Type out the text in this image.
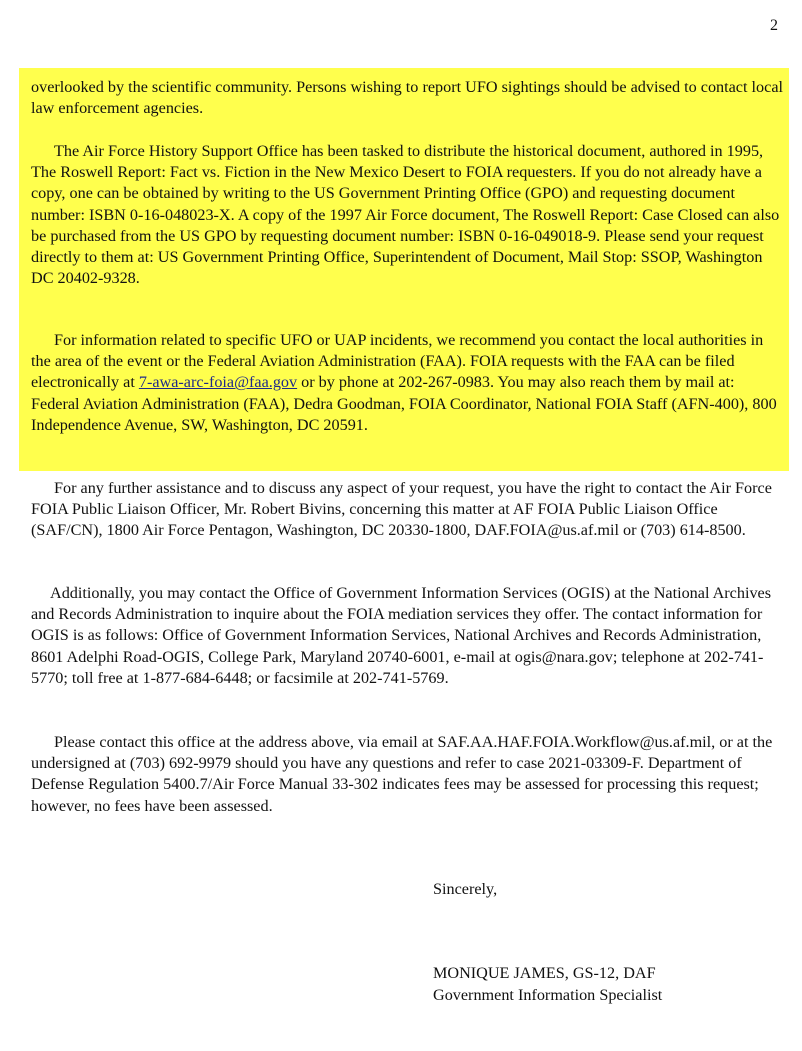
2

overlooked by the scientific community. Persons wishing to report UFO sightings should be advised to contact local law enforcement agencies.

The Air Force History Support Office has been tasked to distribute the historical document, authored in 1995, The Roswell Report: Fact vs. Fiction in the New Mexico Desert to FOIA requesters. If you do not already have a copy, one can be obtained by writing to the US Government Printing Office (GPO) and requesting document number: ISBN 0-16-048023-X. A copy of the 1997 Air Force document, The Roswell Report: Case Closed can also be purchased from the US GPO by requesting document number: ISBN 0-16-049018-9. Please send your request directly to them at: US Government Printing Office, Superintendent of Document, Mail Stop: SSOP, Washington DC 20402-9328.

For information related to specific UFO or UAP incidents, we recommend you contact the local authorities in the area of the event or the Federal Aviation Administration (FAA). FOIA requests with the FAA can be filed electronically at 7-awa-arc-foia@faa.gov or by phone at 202-267-0983. You may also reach them by mail at: Federal Aviation Administration (FAA), Dedra Goodman, FOIA Coordinator, National FOIA Staff (AFN-400), 800 Independence Avenue, SW, Washington, DC 20591.

For any further assistance and to discuss any aspect of your request, you have the right to contact the Air Force FOIA Public Liaison Officer, Mr. Robert Bivins, concerning this matter at AF FOIA Public Liaison Office (SAF/CN), 1800 Air Force Pentagon, Washington, DC 20330-1800, DAF.FOIA@us.af.mil or (703) 614-8500.

Additionally, you may contact the Office of Government Information Services (OGIS) at the National Archives and Records Administration to inquire about the FOIA mediation services they offer. The contact information for OGIS is as follows: Office of Government Information Services, National Archives and Records Administration, 8601 Adelphi Road-OGIS, College Park, Maryland 20740-6001, e-mail at ogis@nara.gov; telephone at 202-741-5770; toll free at 1-877-684-6448; or facsimile at 202-741-5769.

Please contact this office at the address above, via email at SAF.AA.HAF.FOIA.Workflow@us.af.mil, or at the undersigned at (703) 692-9979 should you have any questions and refer to case 2021-03309-F. Department of Defense Regulation 5400.7/Air Force Manual 33-302 indicates fees may be assessed for processing this request; however, no fees have been assessed.

Sincerely,

MONIQUE JAMES, GS-12, DAF

Government Information Specialist
